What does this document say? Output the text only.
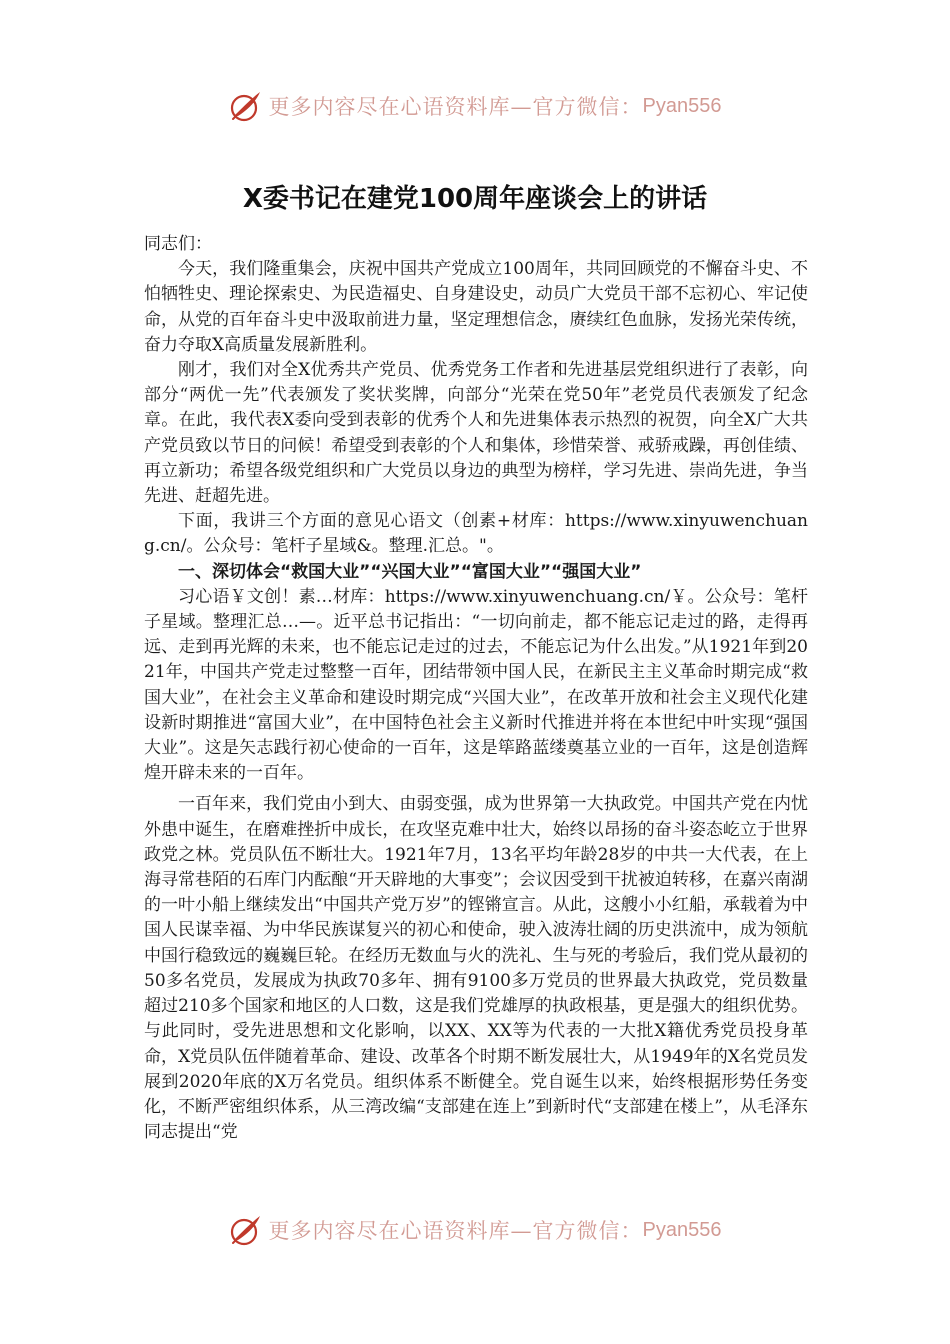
更多内容尽在心语资料库—官方微信： Pyan556
X委书记在建党100周年座谈会上的讲话

同志们：

今天，我们隆重集会，庆祝中国共产党成立100周年，共同回顾党的不懈奋斗史、不怕牺牲史、理论探索史、为民造福史、自身建设史，动员广大党员干部不忘初心、牢记使命，从党的百年奋斗史中汲取前进力量，坚定理想信念，赓续红色血脉，发扬光荣传统，奋力夺取X高质量发展新胜利。

刚才，我们对全X优秀共产党员、优秀党务工作者和先进基层党组织进行了表彰，向部分“两优一先”代表颁发了奖状奖牌，向部分“光荣在党50年”老党员代表颁发了纪念章。在此，我代表X委向受到表彰的优秀个人和先进集体表示热烈的祝贺，向全X广大共产党员致以节日的问候！希望受到表彰的个人和集体，珍惜荣誉、戒骄戒躁，再创佳绩、再立新功；希望各级党组织和广大党员以身边的典型为榜样，学习先进、崇尚先进，争当先进、赶超先进。

下面，我讲三个方面的意见心语文（创素+材库：https://www.xinyuwenchuang.cn/。公众号：笔杆子星域&。整理.汇总。"。

一、深切体会“救国大业”“兴国大业”“富国大业”“强国大业”

习心语￥文创！素…材库：https://www.xinyuwenchuang.cn/￥。公众号：笔杆子星域。整理汇总…—。近平总书记指出：“一切向前走，都不能忘记走过的路，走得再远、走到再光辉的未来，也不能忘记走过的过去，不能忘记为什么出发。”从1921年到2021年，中国共产党走过整整一百年，团结带领中国人民，在新民主主义革命时期完成“救国大业”，在社会主义革命和建设时期完成“兴国大业”，在改革开放和社会主义现代化建设新时期推进“富国大业”，在中国特色社会主义新时代推进并将在本世纪中叶实现“强国大业”。这是矢志践行初心使命的一百年，这是筚路蓝缕奠基立业的一百年，这是创造辉煌开辟未来的一百年。

一百年来，我们党由小到大、由弱变强，成为世界第一大执政党。中国共产党在内忧外患中诞生，在磨难挫折中成长，在攻坚克难中壮大，始终以昂扬的奋斗姿态屹立于世界政党之林。党员队伍不断壮大。1921年7月，13名平均年龄28岁的中共一大代表，在上海寻常巷陌的石库门内酝酿“开天辟地的大事变”；会议因受到干扰被迫转移，在嘉兴南湖的一叶小船上继续发出“中国共产党万岁”的铿锵宣言。从此，这艘小小红船，承载着为中国人民谋幸福、为中华民族谋复兴的初心和使命，驶入波涛壮阔的历史洪流中，成为领航中国行稳致远的巍巍巨轮。在经历无数血与火的洗礼、生与死的考验后，我们党从最初的50多名党员，发展成为执政70多年、拥有9100多万党员的世界最大执政党，党员数量超过210多个国家和地区的人口数，这是我们党雄厚的执政根基，更是强大的组织优势。与此同时，受先进思想和文化影响，以XX、XX等为代表的一大批X籍优秀党员投身革命，X党员队伍伴随着革命、建设、改革各个时期不断发展壮大，从1949年的X名党员发展到2020年底的X万名党员。组织体系不断健全。党自诞生以来，始终根据形势任务变化，不断严密组织体系，从三湾改编“支部建在连上”到新时代“支部建在楼上”，从毛泽东同志提出“党

更多内容尽在心语资料库—官方微信： Pyan556
